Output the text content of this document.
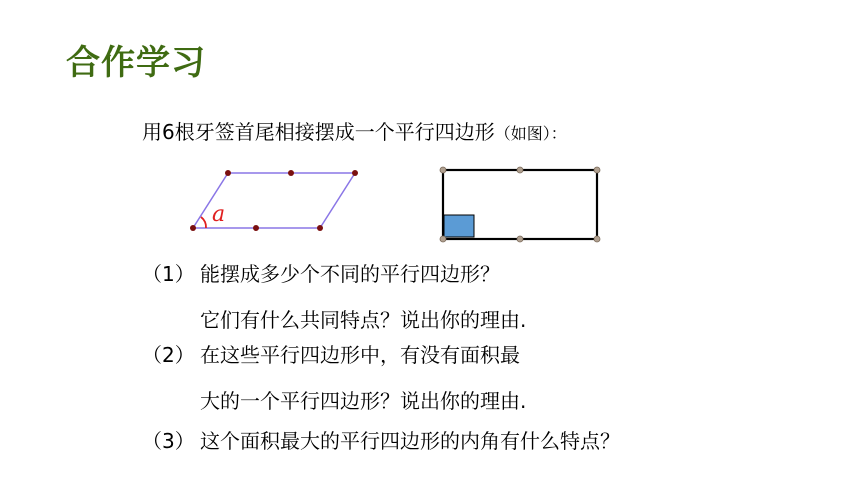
合作学习
用6根牙签首尾相接摆成一个平行四边形（如图）：
a
（1） 能摆成多少个不同的平行四边形？
它们有什么共同特点？说出你的理由.
（2） 在这些平行四边形中，有没有面积最
大的一个平行四边形？说出你的理由.
（3） 这个面积最大的平行四边形的内角有什么特点？
